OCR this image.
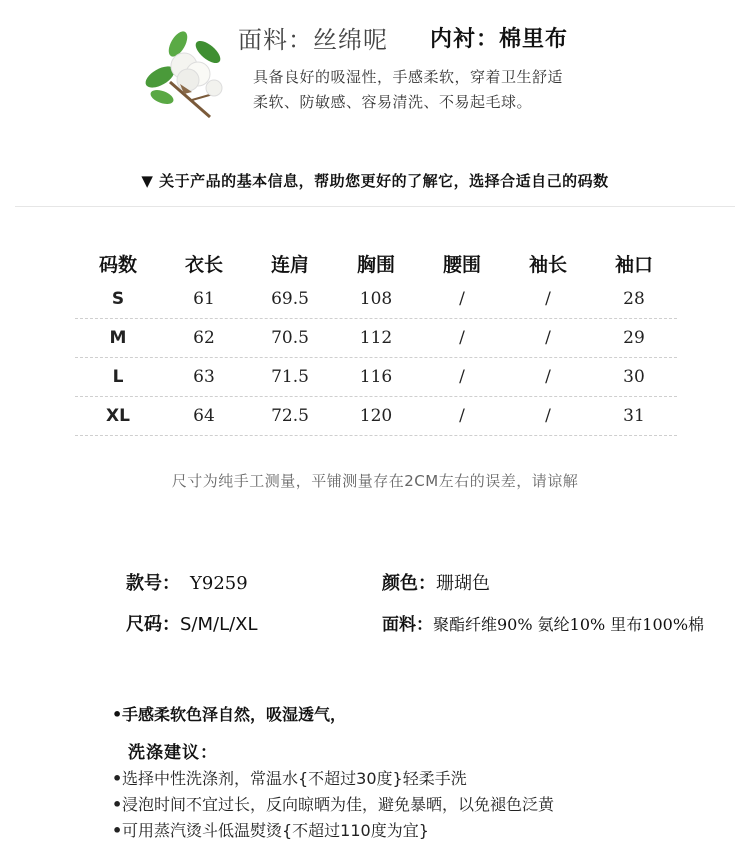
面料：丝绵呢 内衬：棉里布
具备良好的吸湿性，手感柔软，穿着卫生舒适
柔软、防敏感、容易清洗、不易起毛球。
▼ 关于产品的基本信息，帮助您更好的了解它，选择合适自己的码数
码数	衣长	连肩	胸围	腰围	袖长	袖口
S	61	69.5	108	/	/	28
M	62	70.5	112	/	/	29
L	63	71.5	116	/	/	30
XL	64	72.5	120	/	/	31
尺寸为纯手工测量，平铺测量存在2CM左右的误差，请谅解
款号： Y9259	颜色：珊瑚色
尺码：S/M/L/XL	面料：聚酯纤维90% 氨纶10% 里布100%棉
•手感柔软色泽自然，吸湿透气，
洗涤建议：
•选择中性洗涤剂，常温水{不超过30度}轻柔手洗
•浸泡时间不宜过长，反向晾晒为佳，避免暴晒，以免褪色泛黄
•可用蒸汽烫斗低温熨烫{不超过110度为宜}
